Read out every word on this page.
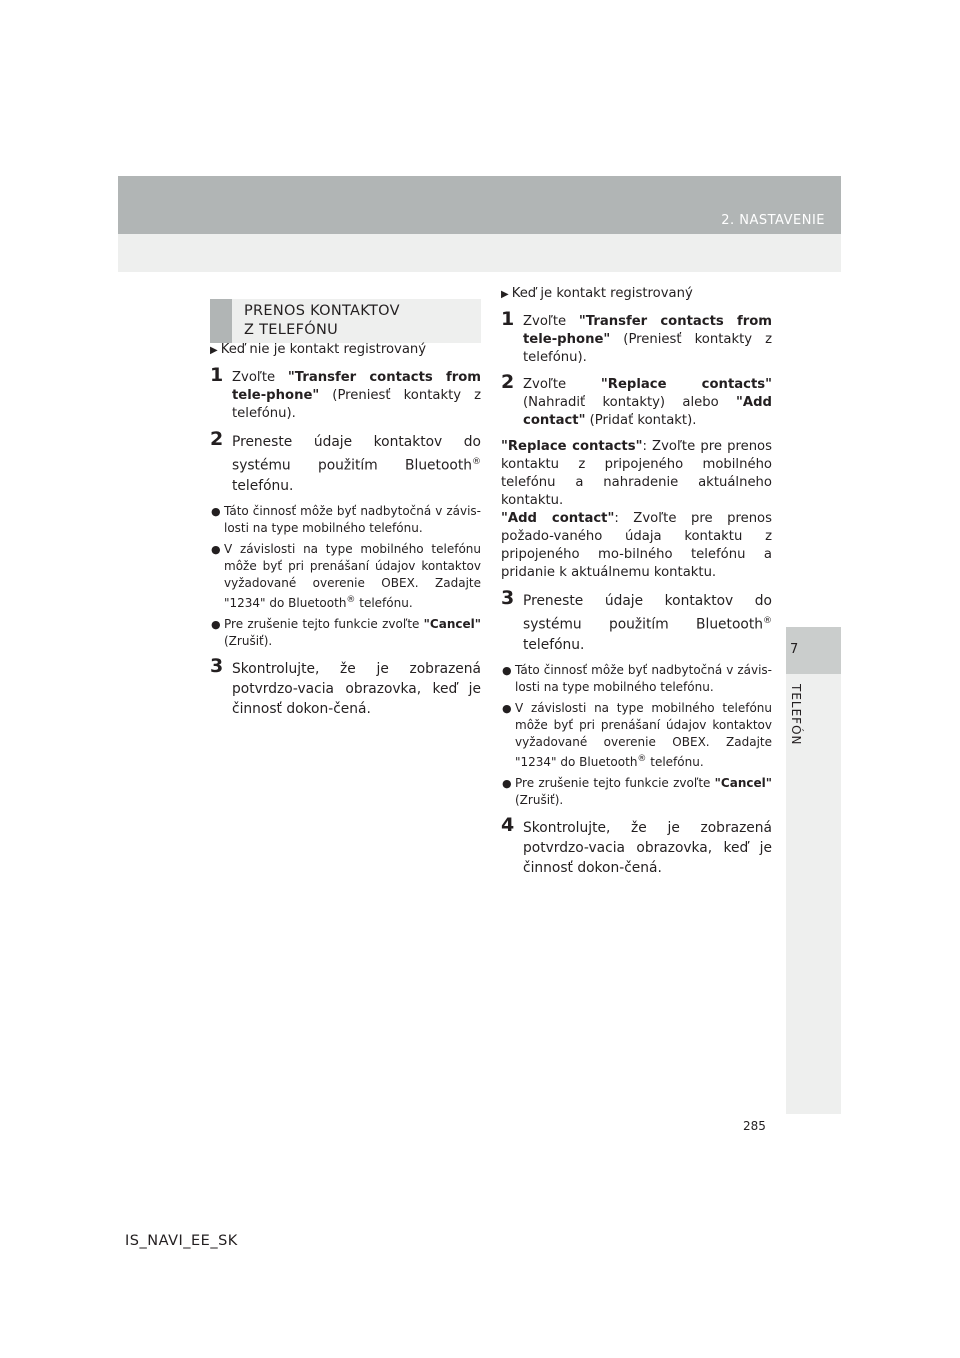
2. NASTAVENIE
7
TELEFÓN
PRENOS KONTAKTOV
Z TELEFÓNU

▶ Keď nie je kontakt registrovaný

1 Zvoľte "Transfer contacts from tele-phone" (Preniesť kontakty z telefónu).
2 Preneste údaje kontaktov do systému použitím Bluetooth® telefónu.
● Táto činnosť môže byť nadbytočná v závis-losti na type mobilného telefónu.
● V závislosti na type mobilného telefónu môže byť pri prenášaní údajov kontaktov vyžadované overenie OBEX. Zadajte "1234" do Bluetooth® telefónu.
● Pre zrušenie tejto funkcie zvoľte "Cancel" (Zrušiť).
3 Skontrolujte, že je zobrazená potvrdzo-vacia obrazovka, keď je činnosť dokon-čená.

▶ Keď je kontakt registrovaný

1 Zvoľte "Transfer contacts from tele-phone" (Preniesť kontakty z telefónu).
2 Zvoľte "Replace contacts" (Nahradiť kontakty) alebo "Add contact" (Pridať kontakt).

"Replace contacts": Zvoľte pre prenos kontaktu z pripojeného mobilného telefónu a nahradenie aktuálneho kontaktu.

"Add contact": Zvoľte pre prenos požado-vaného údaja kontaktu z pripojeného mo-bilného telefónu a pridanie k aktuálnemu kontaktu.

3 Preneste údaje kontaktov do systému použitím Bluetooth® telefónu.
● Táto činnosť môže byť nadbytočná v závis-losti na type mobilného telefónu.
● V závislosti na type mobilného telefónu môže byť pri prenášaní údajov kontaktov vyžadované overenie OBEX. Zadajte "1234" do Bluetooth® telefónu.
● Pre zrušenie tejto funkcie zvoľte "Cancel" (Zrušiť).
4 Skontrolujte, že je zobrazená potvrdzo-vacia obrazovka, keď je činnosť dokon-čená.
285
IS_NAVI_EE_SK
